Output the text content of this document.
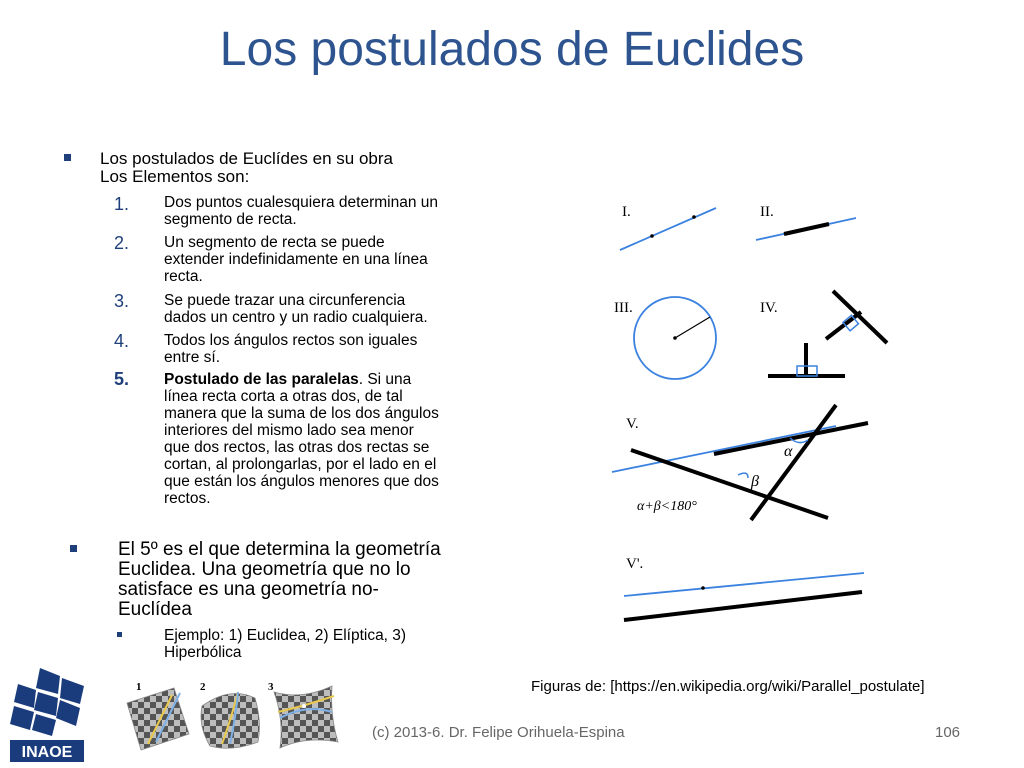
Los postulados de Euclides
Los postulados de Euclídes en su obra
Los Elementos son:
1. Dos puntos cualesquiera determinan un
segmento de recta.
2. Un segmento de recta se puede
extender indefinidamente en una línea
recta.
3. Se puede trazar una circunferencia
dados un centro y un radio cualquiera.
4. Todos los ángulos rectos son iguales
entre sí.
5. Postulado de las paralelas. Si una
línea recta corta a otras dos, de tal
manera que la suma de los dos ángulos
interiores del mismo lado sea menor
que dos rectos, las otras dos rectas se
cortan, al prolongarlas, por el lado en el
que están los ángulos menores que dos
rectos.
El 5º es el que determina la geometría
Euclidea. Una geometría que no lo
satisface es una geometría no-
Euclídea
Ejemplo: 1) Euclidea, 2) Elíptica, 3)
Hiperbólica
I.	II.
III.	IV.
V.
α
β
α+β<180°
V'.
1	2	3
INAOE
Figuras de: [https://en.wikipedia.org/wiki/Parallel_postulate]
(c) 2013-6. Dr. Felipe Orihuela-Espina	106
